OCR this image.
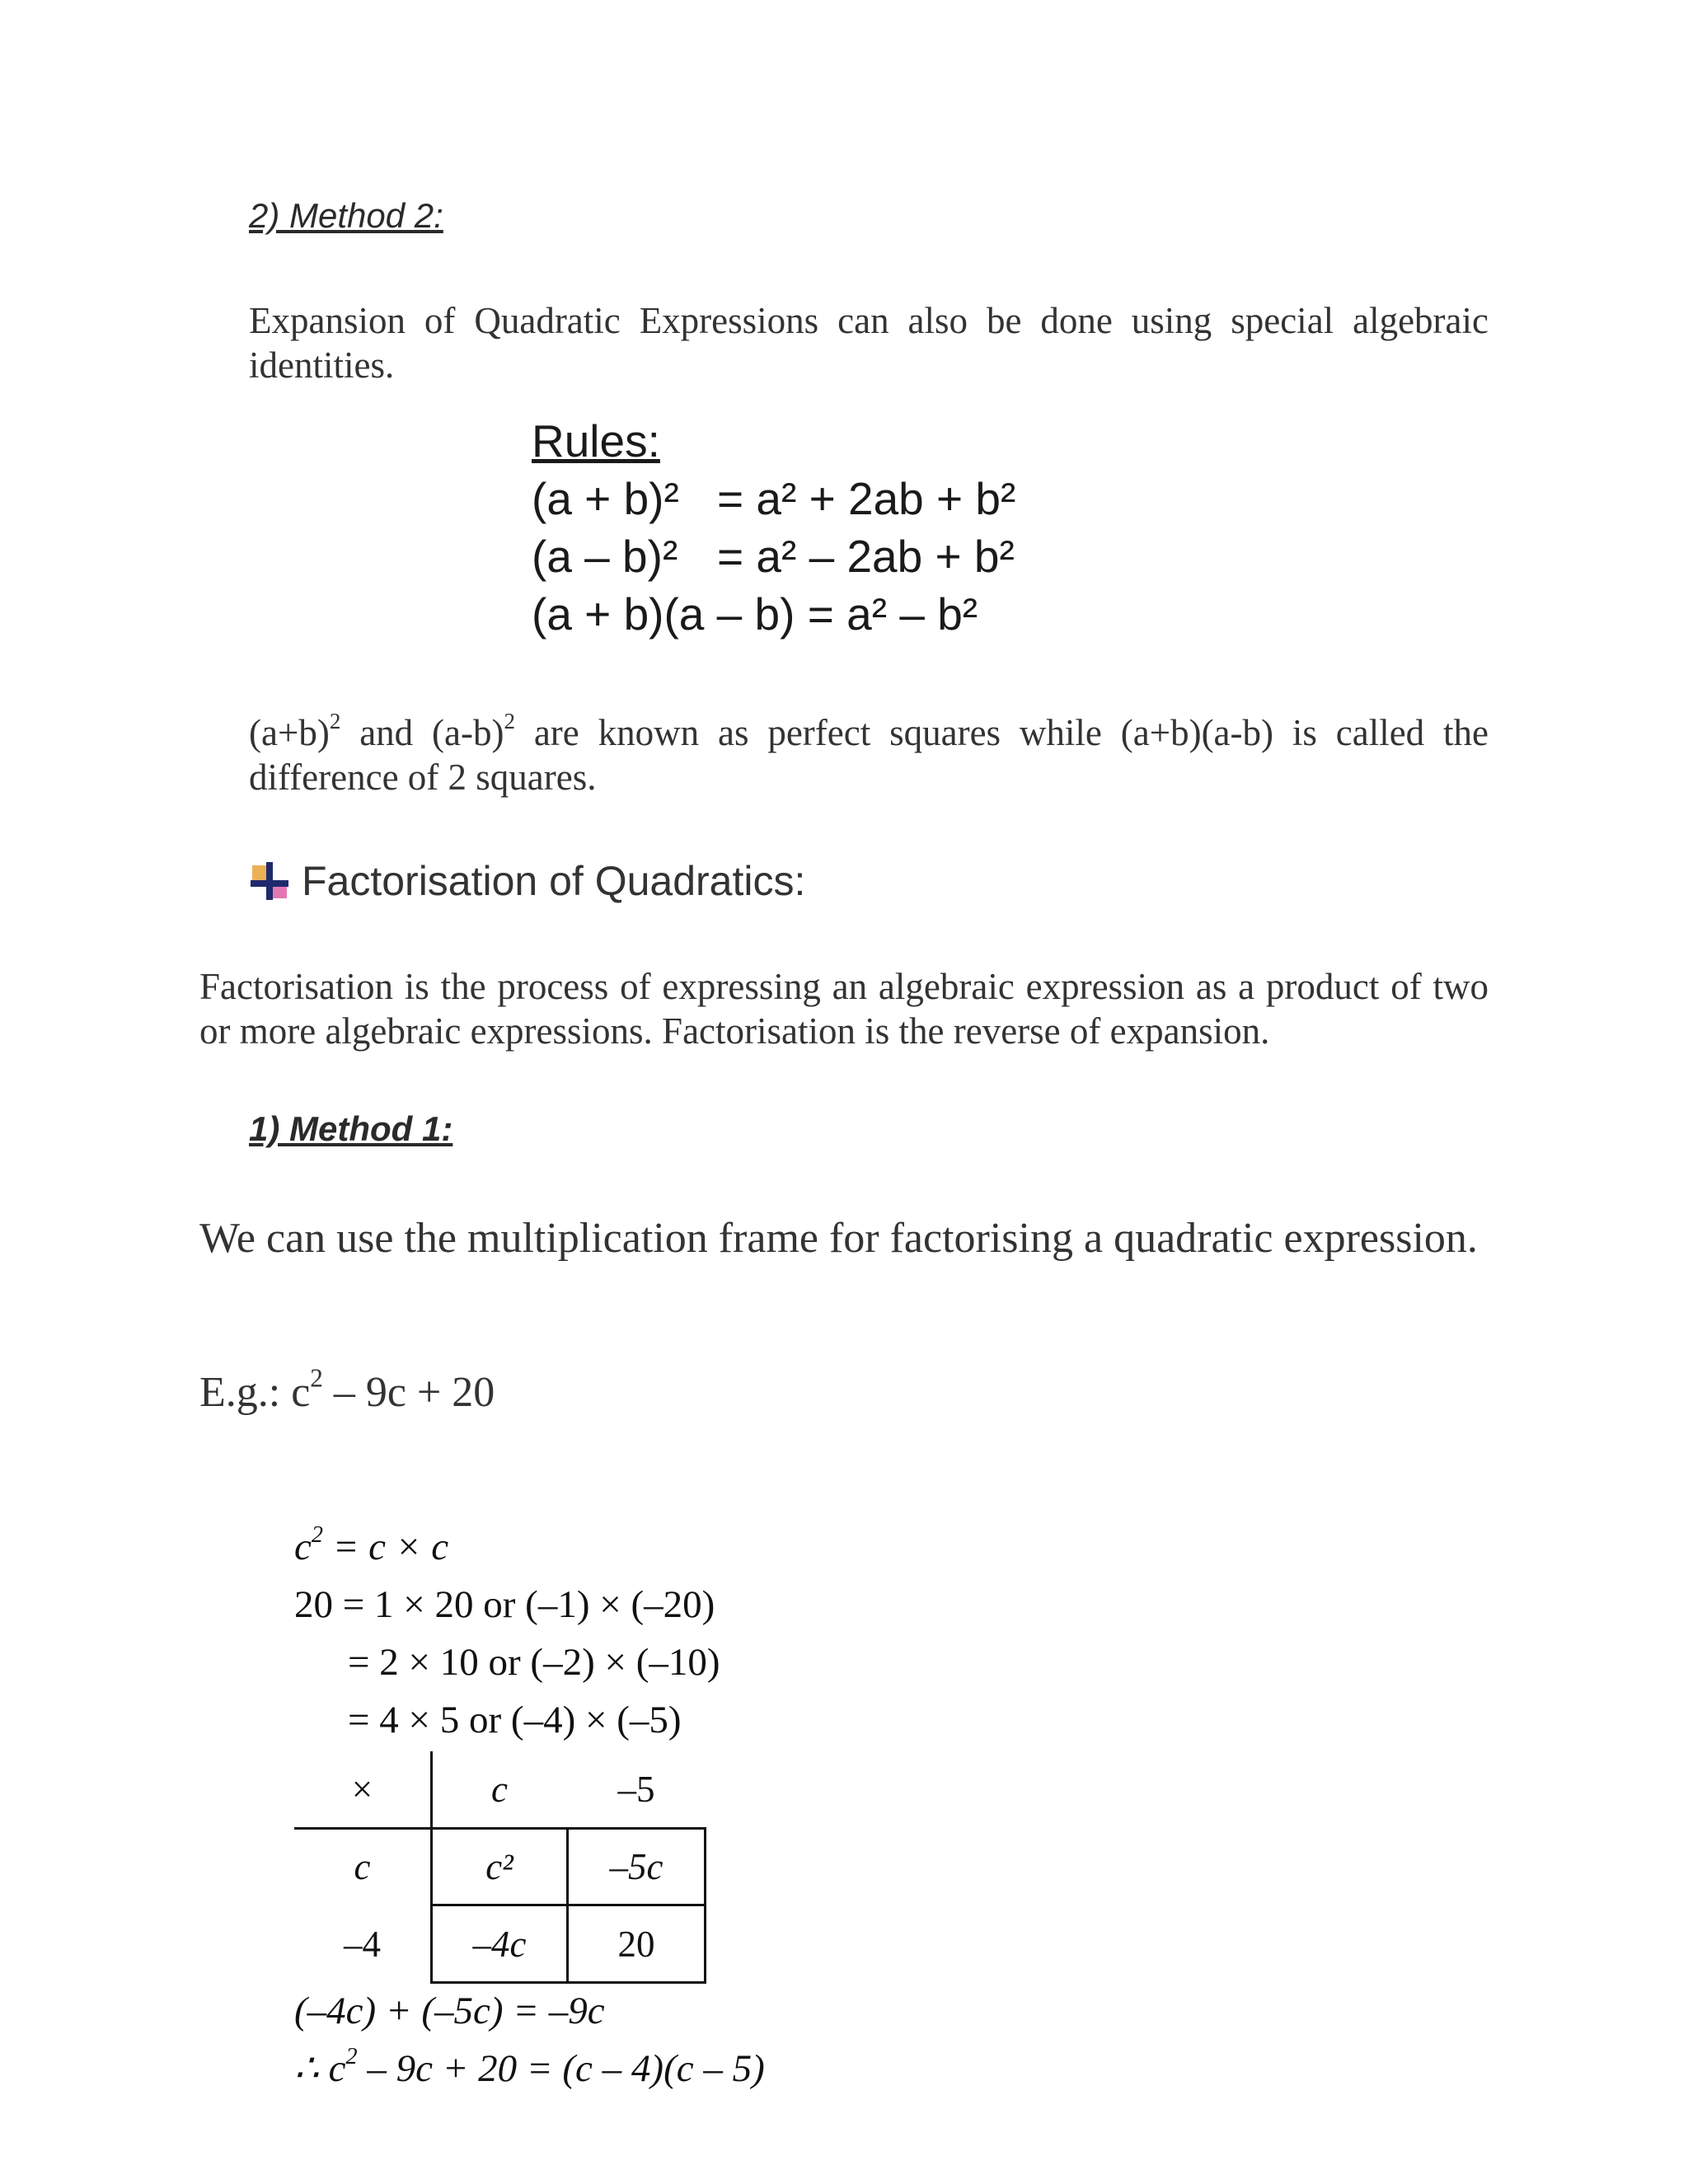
2) Method 2:
Expansion of Quadratic Expressions can also be done using special algebraic identities.
Rules:
(a + b)² = a² + 2ab + b²
(a – b)² = a² – 2ab + b²
(a + b)(a – b) = a² – b²
$(a+b)^2$ and $(a-b)^2$ are known as perfect squares while (a+b)(a-b) is called the difference of 2 squares.
Factorisation of Quadratics:
Factorisation is the process of expressing an algebraic expression as a product of two or more algebraic expressions. Factorisation is the reverse of expansion.
1) Method 1:
We can use the multiplication frame for factorising a quadratic expression.
E.g.: $c^2 - 9c + 20$
$c^2 = c \times c$
20 = 1 × 20 or (–1) × (–20)
= 2 × 10 or (–2) × (–10)
= 4 × 5 or (–4) × (–5)
×	c	–5
c	c²	–5c
–4	–4c	20
(–4c) + (–5c) = –9c
∴ $c^2 - 9c + 20 = (c - 4)(c - 5)$
